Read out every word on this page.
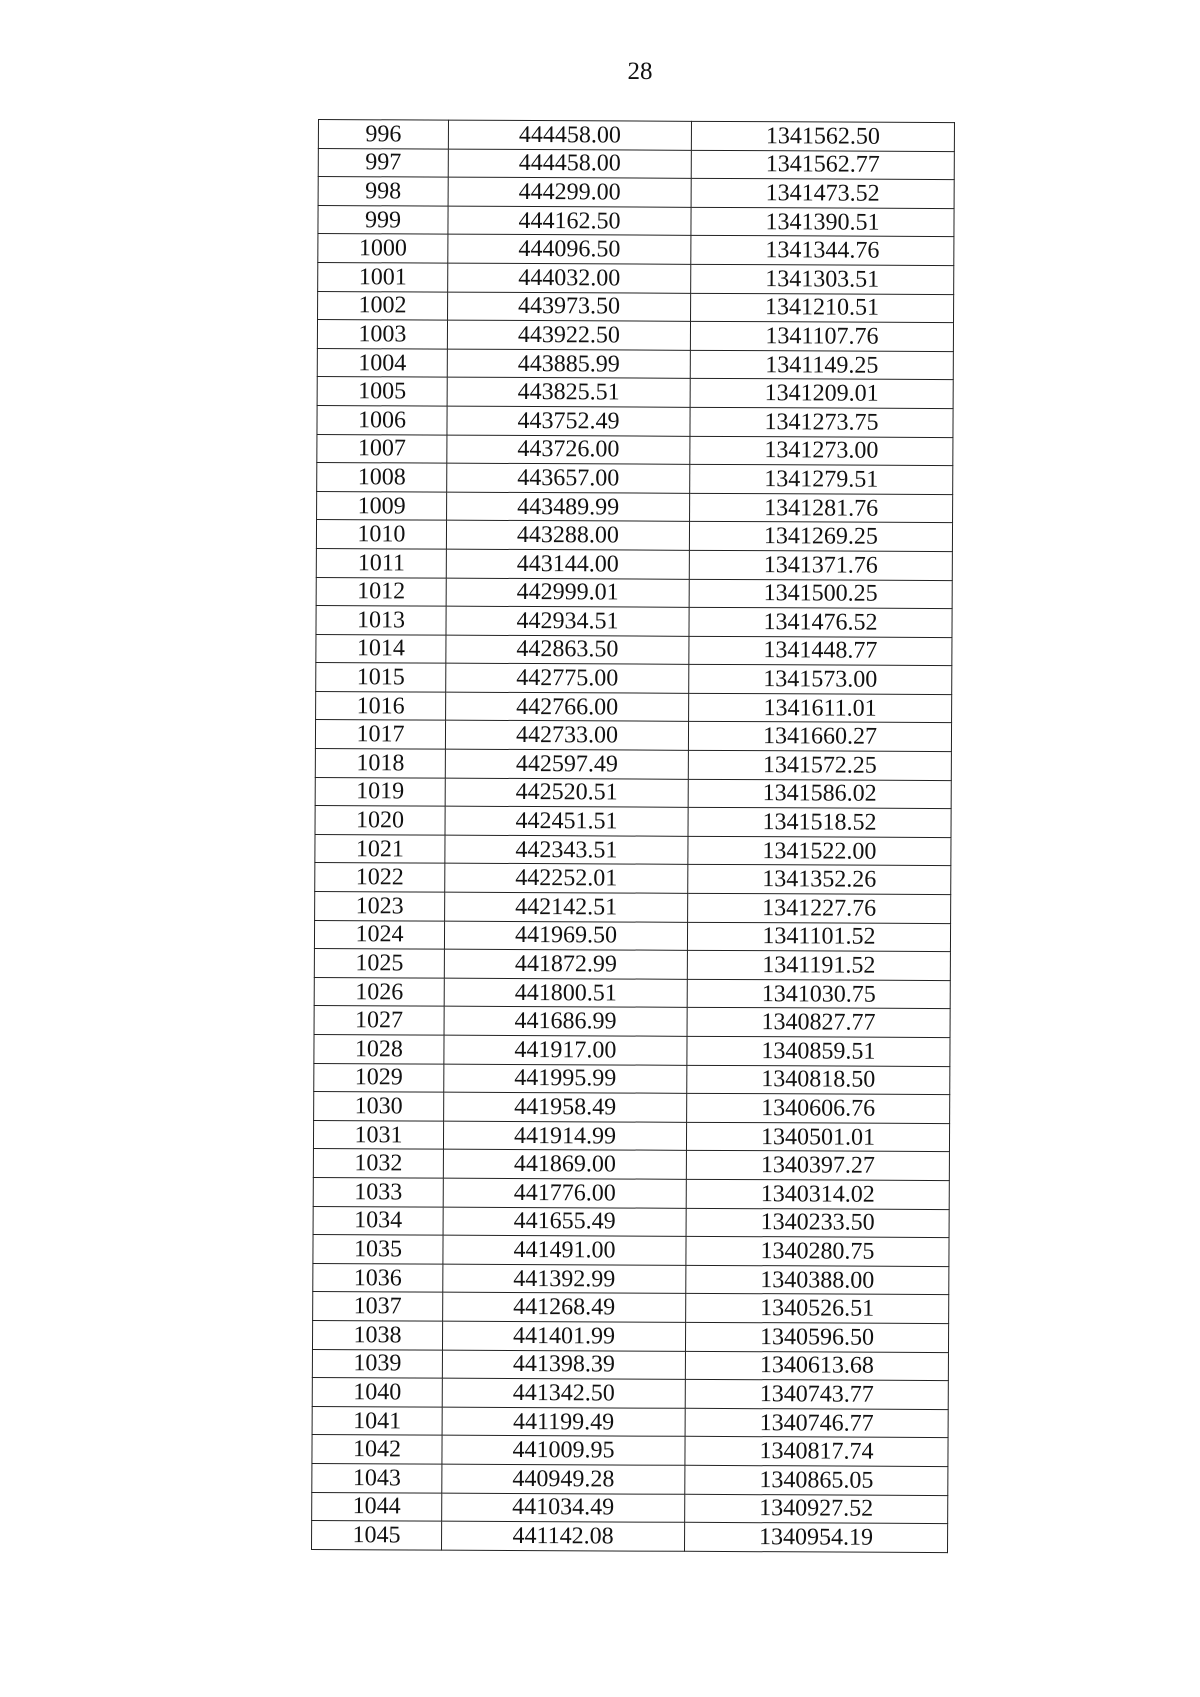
28
996	444458.00	1341562.50
997	444458.00	1341562.77
998	444299.00	1341473.52
999	444162.50	1341390.51
1000	444096.50	1341344.76
1001	444032.00	1341303.51
1002	443973.50	1341210.51
1003	443922.50	1341107.76
1004	443885.99	1341149.25
1005	443825.51	1341209.01
1006	443752.49	1341273.75
1007	443726.00	1341273.00
1008	443657.00	1341279.51
1009	443489.99	1341281.76
1010	443288.00	1341269.25
1011	443144.00	1341371.76
1012	442999.01	1341500.25
1013	442934.51	1341476.52
1014	442863.50	1341448.77
1015	442775.00	1341573.00
1016	442766.00	1341611.01
1017	442733.00	1341660.27
1018	442597.49	1341572.25
1019	442520.51	1341586.02
1020	442451.51	1341518.52
1021	442343.51	1341522.00
1022	442252.01	1341352.26
1023	442142.51	1341227.76
1024	441969.50	1341101.52
1025	441872.99	1341191.52
1026	441800.51	1341030.75
1027	441686.99	1340827.77
1028	441917.00	1340859.51
1029	441995.99	1340818.50
1030	441958.49	1340606.76
1031	441914.99	1340501.01
1032	441869.00	1340397.27
1033	441776.00	1340314.02
1034	441655.49	1340233.50
1035	441491.00	1340280.75
1036	441392.99	1340388.00
1037	441268.49	1340526.51
1038	441401.99	1340596.50
1039	441398.39	1340613.68
1040	441342.50	1340743.77
1041	441199.49	1340746.77
1042	441009.95	1340817.74
1043	440949.28	1340865.05
1044	441034.49	1340927.52
1045	441142.08	1340954.19
